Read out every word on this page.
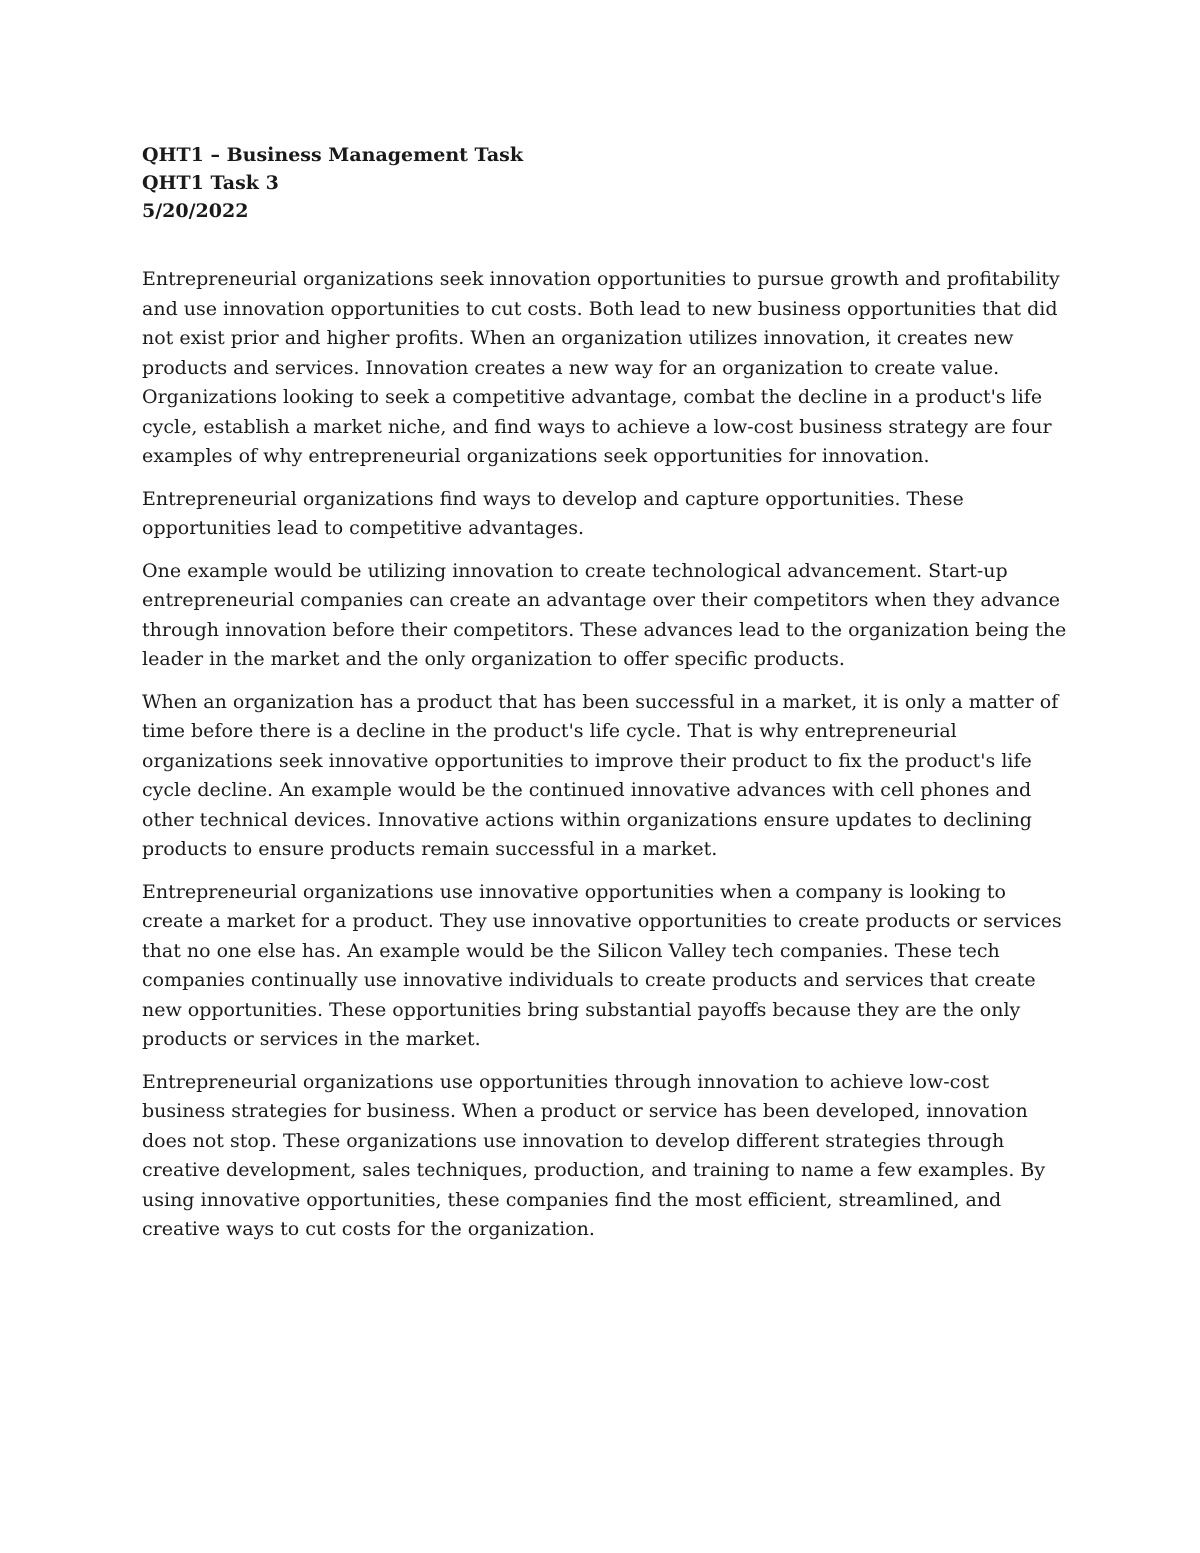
QHT1 – Business Management Task

QHT1 Task 3

5/20/2022

Entrepreneurial organizations seek innovation opportunities to pursue growth and profitability and use innovation opportunities to cut costs. Both lead to new business opportunities that did not exist prior and higher profits. When an organization utilizes innovation, it creates new products and services. Innovation creates a new way for an organization to create value. Organizations looking to seek a competitive advantage, combat the decline in a product's life cycle, establish a market niche, and find ways to achieve a low-cost business strategy are four examples of why entrepreneurial organizations seek opportunities for innovation.

Entrepreneurial organizations find ways to develop and capture opportunities. These opportunities lead to competitive advantages.

One example would be utilizing innovation to create technological advancement. Start-up entrepreneurial companies can create an advantage over their competitors when they advance through innovation before their competitors. These advances lead to the organization being the leader in the market and the only organization to offer specific products.

When an organization has a product that has been successful in a market, it is only a matter of time before there is a decline in the product's life cycle. That is why entrepreneurial organizations seek innovative opportunities to improve their product to fix the product's life cycle decline. An example would be the continued innovative advances with cell phones and other technical devices. Innovative actions within organizations ensure updates to declining products to ensure products remain successful in a market.

Entrepreneurial organizations use innovative opportunities when a company is looking to create a market for a product. They use innovative opportunities to create products or services that no one else has. An example would be the Silicon Valley tech companies. These tech companies continually use innovative individuals to create products and services that create new opportunities. These opportunities bring substantial payoffs because they are the only products or services in the market.

Entrepreneurial organizations use opportunities through innovation to achieve low-cost business strategies for business. When a product or service has been developed, innovation does not stop. These organizations use innovation to develop different strategies through creative development, sales techniques, production, and training to name a few examples. By using innovative opportunities, these companies find the most efficient, streamlined, and creative ways to cut costs for the organization.
